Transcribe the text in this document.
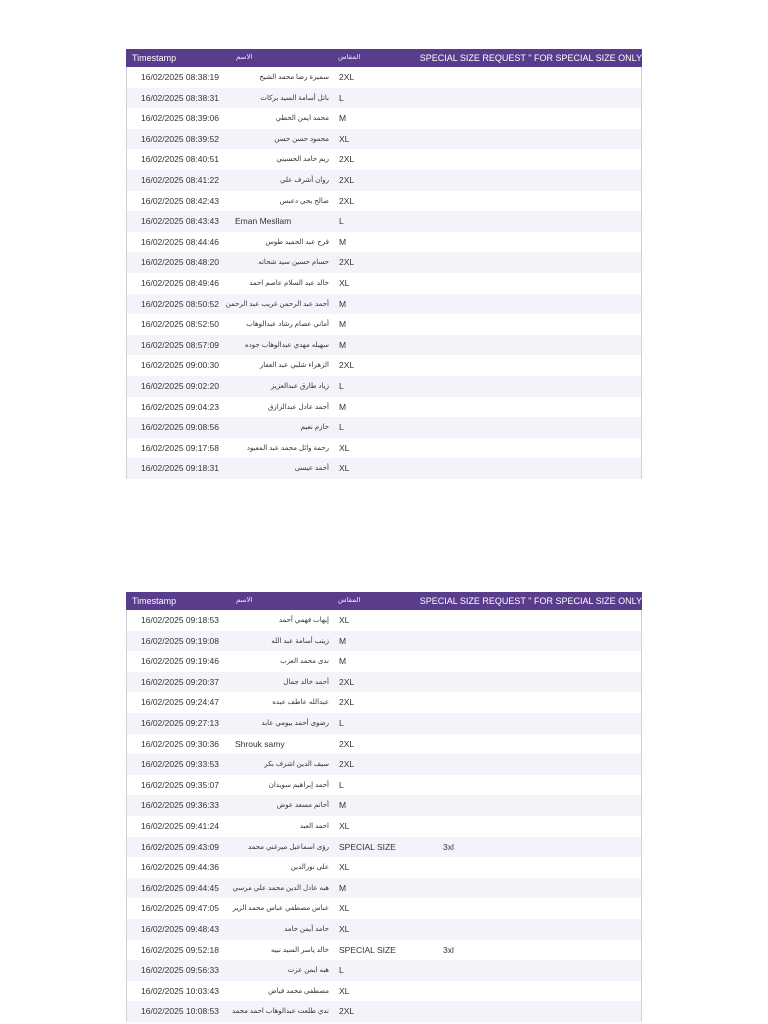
Timestamp	الاسم	المقاس	SPECIAL SIZE REQUEST " FOR SPECIAL SIZE ONLY
16/02/2025 08:38:19	سميرة رضا محمد الشيخ 2XL
16/02/2025 08:38:31	باتل أسامة السيد بركات L
16/02/2025 08:39:06	محمد ايمن الخطي M
16/02/2025 08:39:52	محمود حسن حسن XL
16/02/2025 08:40:51	ريم حامد الحسيني 2XL
16/02/2025 08:41:22	روان أشرف علي 2XL
16/02/2025 08:42:43	صالح يحي دعبس 2XL
16/02/2025 08:43:43 Eman Mesllam	L
16/02/2025 08:44:46	فرح عبد الحميد طوس M
16/02/2025 08:48:20	حسام حسين سيد شحاته 2XL
16/02/2025 08:49:46	خالد عبد السلام عاصم احمد XL
16/02/2025 08:50:52 أحمد عبد الرحمن غريب عبد الرحمن M
16/02/2025 08:52:50	أماني عصام رشاد عبدالوهاب M
16/02/2025 08:57:09	سهيله مهدي عبدالوهاب جوده M
16/02/2025 09:00:30	الزهراء شلبي عبد الغفار 2XL
16/02/2025 09:02:20	زياد طارق عبدالعزيز L
16/02/2025 09:04:23	أحمد عادل عبدالرازق M
16/02/2025 09:08:56	حازم نعيم L
16/02/2025 09:17:58	رحمة وائل محمد عبد المعبود XL
16/02/2025 09:18:31	أحمد عيسى XL
Timestamp	الاسم	المقاس	SPECIAL SIZE REQUEST " FOR SPECIAL SIZE ONLY
16/02/2025 09:18:53	إيهاب فهمي أحمد XL
16/02/2025 09:19:08	زينب أسامة عبد الله M
16/02/2025 09:19:46	ندى محمد العزب M
16/02/2025 09:20:37	أحمد خالد جمال 2XL
16/02/2025 09:24:47	عبدالله عاطف عبده 2XL
16/02/2025 09:27:13	رضوى أحمد بيومي عابد L
16/02/2025 09:30:36 Shrouk samy	2XL
16/02/2025 09:33:53	سيف الدين اشرف بكر 2XL
16/02/2025 09:35:07	أحمد إبراهيم سويدان L
16/02/2025 09:36:33	أحاتم مسعد عوض M
16/02/2025 09:41:24	احمد العبد XL
16/02/2025 09:43:09	رؤى اسماعيل ميرغني محمد SPECIAL SIZE	3xl
16/02/2025 09:44:36	على نورالدين XL
16/02/2025 09:44:45 هبه عادل الدين محمد علي مرسي M
16/02/2025 09:47:05 عباس مصطفي عباس محمد الزير XL
16/02/2025 09:48:43	حامد أيمن حامد XL
16/02/2025 09:52:18	خالد ياسر السيد نبيه SPECIAL SIZE	3xl
16/02/2025 09:56:33	هبه ايمن عزت L
16/02/2025 10:03:43	مصطفى محمد فياض XL
16/02/2025 10:08:53 ندي طلعت عبدالوهاب احمد محمد 2XL
